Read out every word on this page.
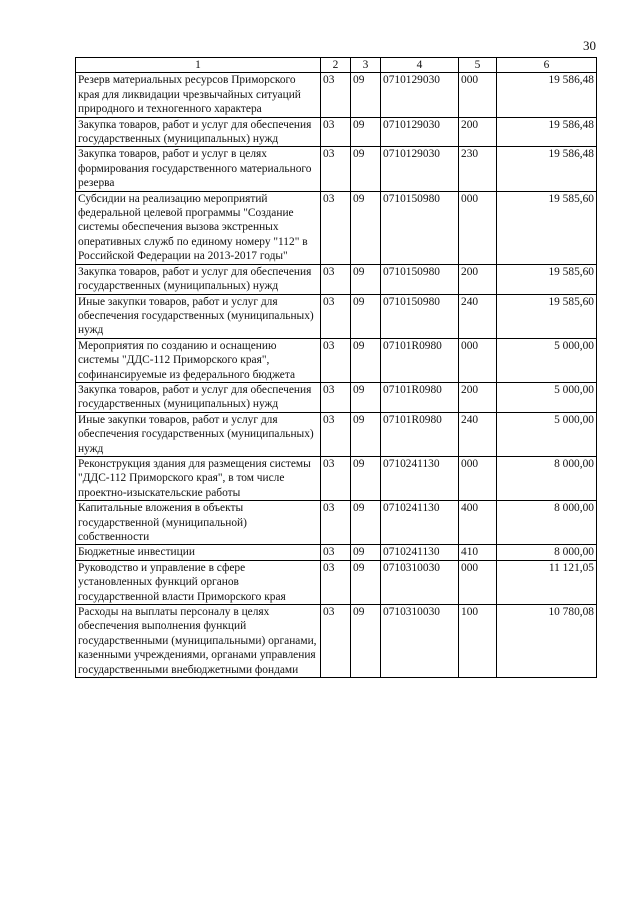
30
1	2	3	4	5	6
Резерв материальных ресурсов Приморского края для ликвидации чрезвычайных ситуаций природного и техногенного характера	03	09	0710129030	000	19 586,48
Закупка товаров, работ и услуг для обеспечения государственных (муниципальных) нужд	03	09	0710129030	200	19 586,48
Закупка товаров, работ и услуг в целях формирования государственного материального резерва	03	09	0710129030	230	19 586,48
Субсидии на реализацию мероприятий федеральной целевой программы "Создание системы обеспечения вызова экстренных оперативных служб по единому номеру "112" в Российской Федерации на 2013-2017 годы"	03	09	0710150980	000	19 585,60
Закупка товаров, работ и услуг для обеспечения государственных (муниципальных) нужд	03	09	0710150980	200	19 585,60
Иные закупки товаров, работ и услуг для обеспечения государственных (муниципальных) нужд	03	09	0710150980	240	19 585,60
Мероприятия по созданию и оснащению системы "ДДС-112 Приморского края", софинансируемые из федерального бюджета	03	09	07101R0980	000	5 000,00
Закупка товаров, работ и услуг для обеспечения государственных (муниципальных) нужд	03	09	07101R0980	200	5 000,00
Иные закупки товаров, работ и услуг для обеспечения государственных (муниципальных) нужд	03	09	07101R0980	240	5 000,00
Реконструкция здания для размещения системы "ДДС-112 Приморского края", в том числе проектно-изыскательские работы	03	09	0710241130	000	8 000,00
Капитальные вложения в объекты государственной (муниципальной) собственности	03	09	0710241130	400	8 000,00
Бюджетные инвестиции	03	09	0710241130	410	8 000,00
Руководство и управление в сфере установленных функций органов государственной власти Приморского края	03	09	0710310030	000	11 121,05
Расходы на выплаты персоналу в целях обеспечения выполнения функций государственными (муниципальными) органами, казенными учреждениями, органами управления государственными внебюджетными фондами	03	09	0710310030	100	10 780,08
